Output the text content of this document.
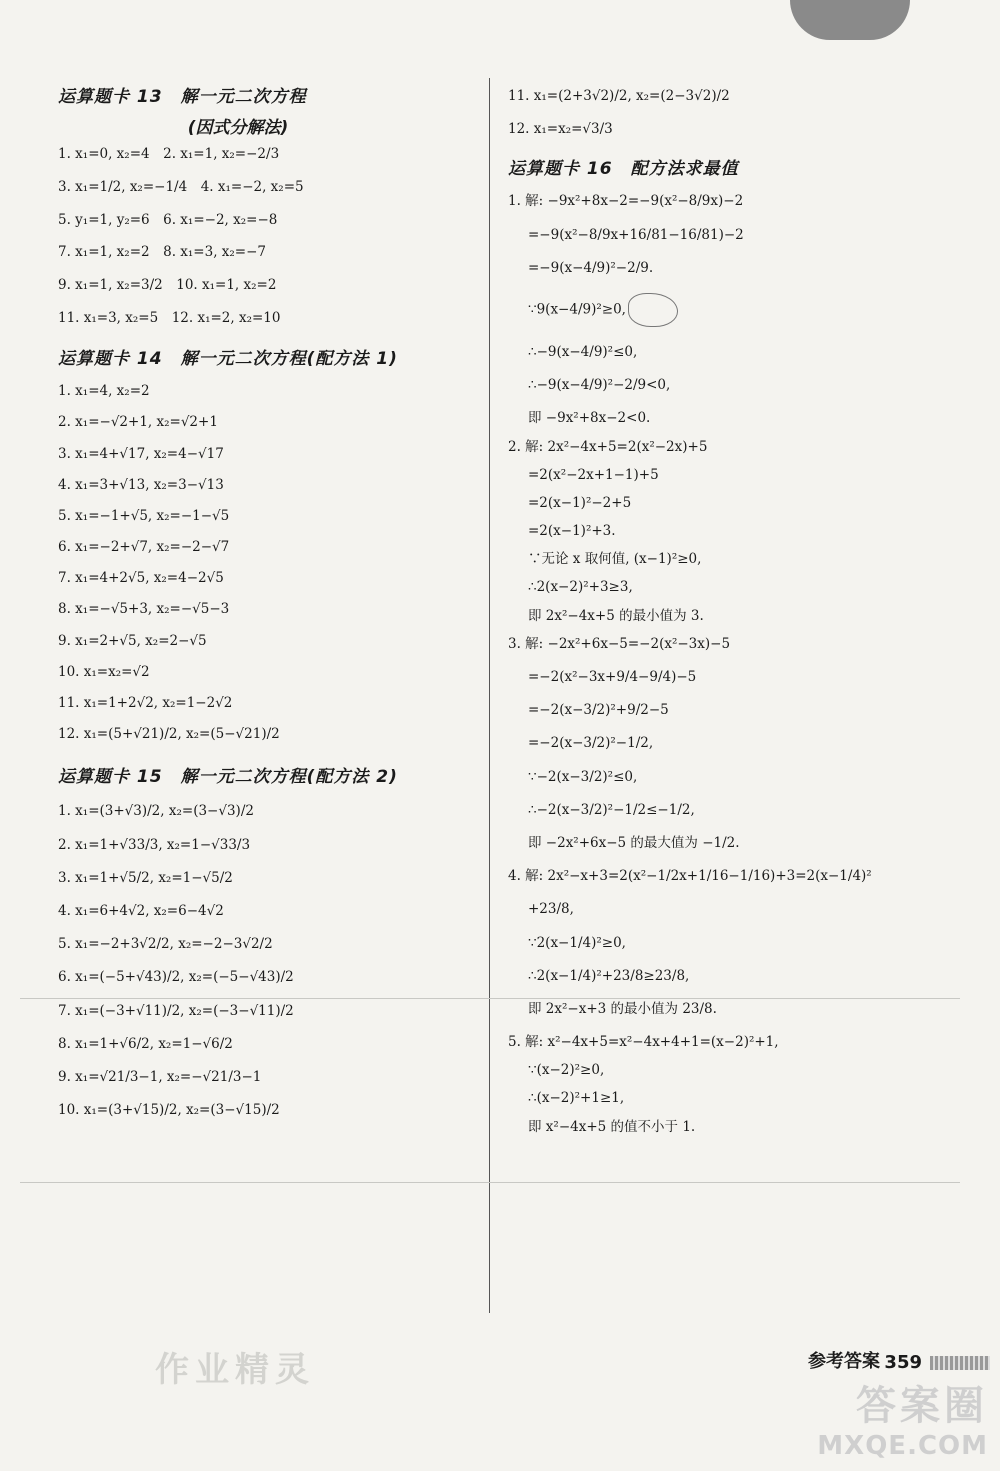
运算题卡 13　解一元二次方程
(因式分解法)
1. x₁=0, x₂=4　2. x₁=1, x₂=−2/3
3. x₁=1/2, x₂=−1/4　4. x₁=−2, x₂=5
5. y₁=1, y₂=6　6. x₁=−2, x₂=−8
7. x₁=1, x₂=2　8. x₁=3, x₂=−7
9. x₁=1, x₂=3/2　10. x₁=1, x₂=2
11. x₁=3, x₂=5　12. x₁=2, x₂=10
运算题卡 14　解一元二次方程(配方法 1)
1. x₁=4, x₂=2
2. x₁=−√2+1, x₂=√2+1
3. x₁=4+√17, x₂=4−√17
4. x₁=3+√13, x₂=3−√13
5. x₁=−1+√5, x₂=−1−√5
6. x₁=−2+√7, x₂=−2−√7
7. x₁=4+2√5, x₂=4−2√5
8. x₁=−√5+3, x₂=−√5−3
9. x₁=2+√5, x₂=2−√5
10. x₁=x₂=√2
11. x₁=1+2√2, x₂=1−2√2
12. x₁=(5+√21)/2, x₂=(5−√21)/2
运算题卡 15　解一元二次方程(配方法 2)
1. x₁=(3+√3)/2, x₂=(3−√3)/2
2. x₁=1+√33/3, x₂=1−√33/3
3. x₁=1+√5/2, x₂=1−√5/2
4. x₁=6+4√2, x₂=6−4√2
5. x₁=−2+3√2/2, x₂=−2−3√2/2
6. x₁=(−5+√43)/2, x₂=(−5−√43)/2
7. x₁=(−3+√11)/2, x₂=(−3−√11)/2
8. x₁=1+√6/2, x₂=1−√6/2
9. x₁=√21/3−1, x₂=−√21/3−1
10. x₁=(3+√15)/2, x₂=(3−√15)/2
11. x₁=(2+3√2)/2, x₂=(2−3√2)/2
12. x₁=x₂=√3/3
运算题卡 16　配方法求最值
1. 解: −9x²+8x−2=−9(x²−8/9x)−2
=−9(x²−8/9x+16/81−16/81)−2
=−9(x−4/9)²−2/9.
∵9(x−4/9)²≥0,
∴−9(x−4/9)²≤0,
∴−9(x−4/9)²−2/9<0,
即 −9x²+8x−2<0.
2. 解: 2x²−4x+5=2(x²−2x)+5
=2(x²−2x+1−1)+5
=2(x−1)²−2+5
=2(x−1)²+3.
∵无论 x 取何值, (x−1)²≥0,
∴2(x−2)²+3≥3,
即 2x²−4x+5 的最小值为 3.
3. 解: −2x²+6x−5=−2(x²−3x)−5
=−2(x²−3x+9/4−9/4)−5
=−2(x−3/2)²+9/2−5
=−2(x−3/2)²−1/2,
∵−2(x−3/2)²≤0,
∴−2(x−3/2)²−1/2≤−1/2,
即 −2x²+6x−5 的最大值为 −1/2.
4. 解: 2x²−x+3=2(x²−1/2x+1/16−1/16)+3=2(x−1/4)²
+23/8,
∵2(x−1/4)²≥0,
∴2(x−1/4)²+23/8≥23/8,
即 2x²−x+3 的最小值为 23/8.
5. 解: x²−4x+5=x²−4x+4+1=(x−2)²+1,
∵(x−2)²≥0,
∴(x−2)²+1≥1,
即 x²−4x+5 的值不小于 1.
参考答案 359
作业精灵
答案圈
MXQE.COM
